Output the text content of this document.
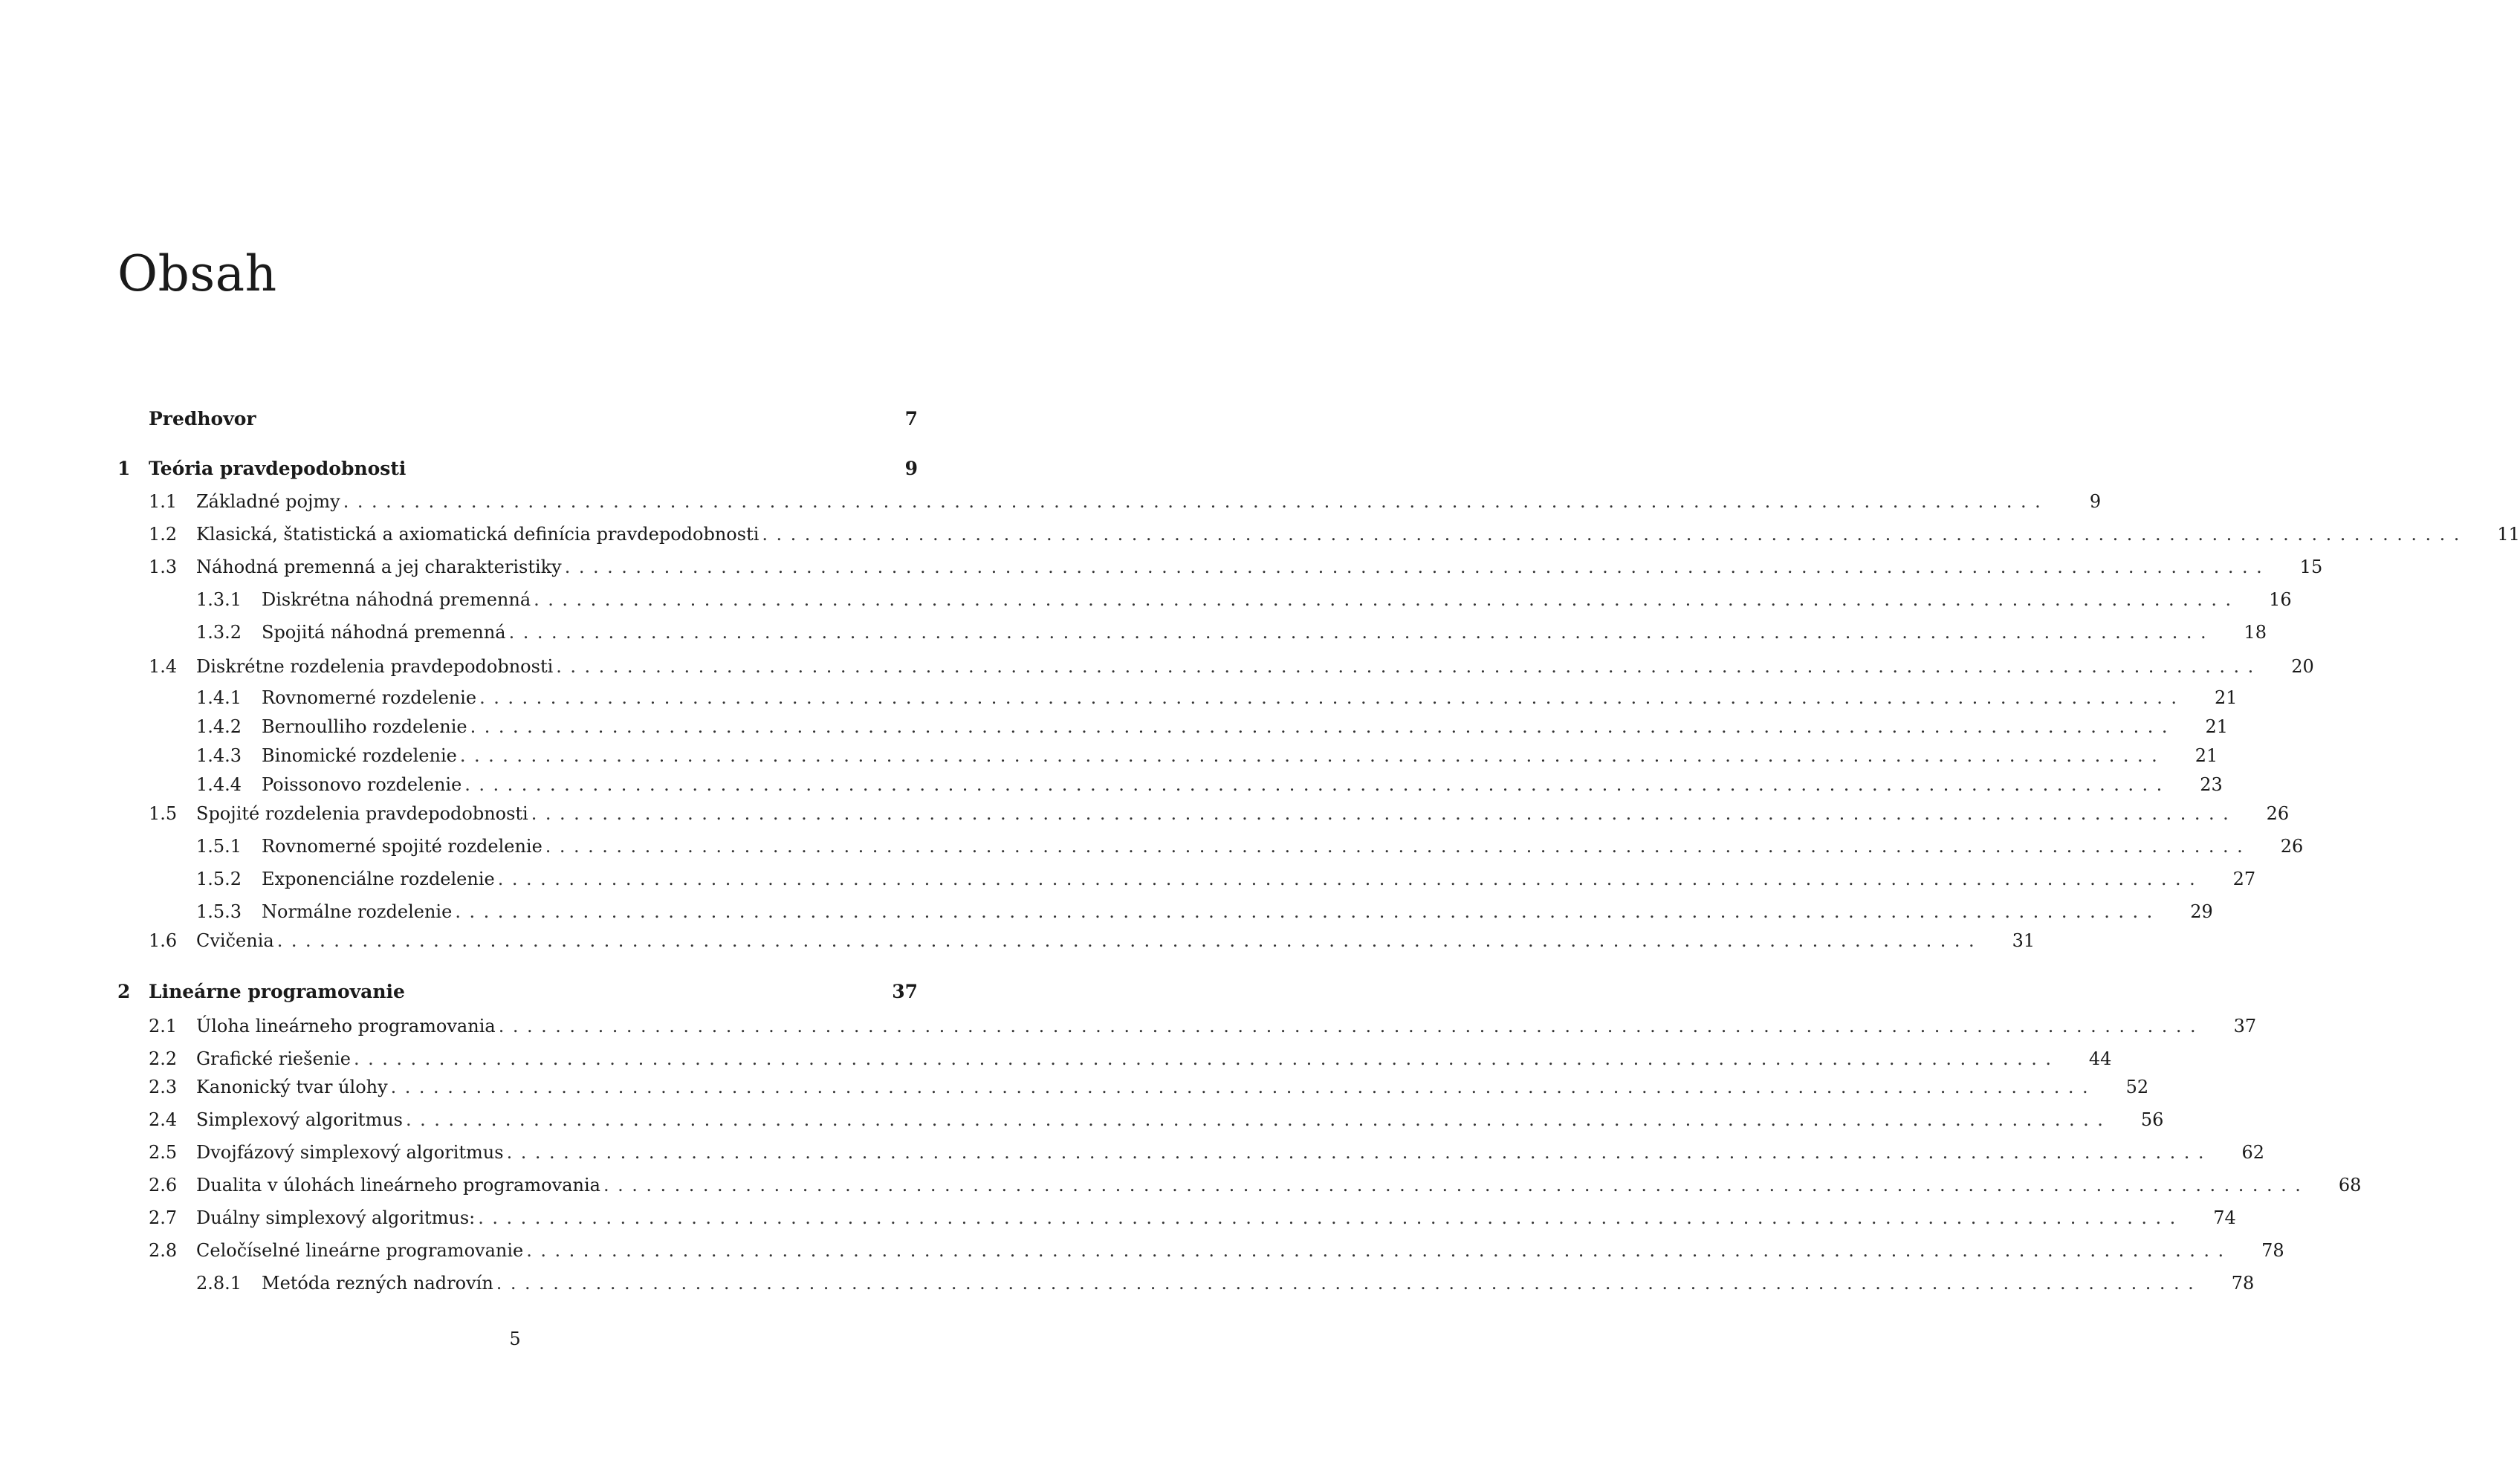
Obsah
Predhovor	7
1 Teória pravdepodobnosti	9
1.1	Základné pojmy ........................................................................................................................	9
1.2	Klasická, štatistická a axiomatická definícia pravdepodobnosti ........................................................................................................................	11
1.3	Náhodná premenná a jej charakteristiky ........................................................................................................................	15
1.3.1	Diskrétna náhodná premenná ........................................................................................................................	16
1.3.2	Spojitá náhodná premenná ........................................................................................................................	18
1.4	Diskrétne rozdelenia pravdepodobnosti ........................................................................................................................	20
1.4.1	Rovnomerné rozdelenie ........................................................................................................................	21
1.4.2	Bernoulliho rozdelenie ........................................................................................................................	21
1.4.3	Binomické rozdelenie ........................................................................................................................	21
1.4.4	Poissonovo rozdelenie ........................................................................................................................	23
1.5	Spojité rozdelenia pravdepodobnosti ........................................................................................................................	26
1.5.1	Rovnomerné spojité rozdelenie ........................................................................................................................	26
1.5.2	Exponenciálne rozdelenie ........................................................................................................................	27
1.5.3	Normálne rozdelenie ........................................................................................................................	29
1.6	Cvičenia ........................................................................................................................	31
2 Lineárne programovanie	37
2.1	Úloha lineárneho programovania ........................................................................................................................	37
2.2	Grafické riešenie ........................................................................................................................	44
2.3	Kanonický tvar úlohy ........................................................................................................................	52
2.4	Simplexový algoritmus ........................................................................................................................	56
2.5	Dvojfázový simplexový algoritmus ........................................................................................................................	62
2.6	Dualita v úlohách lineárneho programovania ........................................................................................................................	68
2.7	Duálny simplexový algoritmus: ........................................................................................................................	74
2.8	Celočíselné lineárne programovanie ........................................................................................................................	78
2.8.1	Metóda rezných nadrovín ........................................................................................................................	78
5
